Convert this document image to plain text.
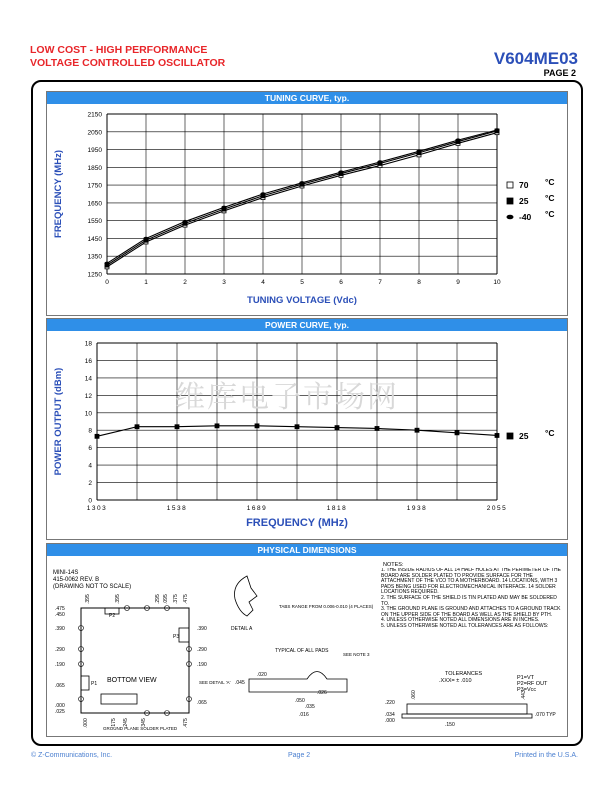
LOW COST - HIGH PERFORMANCE
VOLTAGE CONTROLLED OSCILLATOR	V604ME03
PAGE 2
TUNING CURVE, typ.
1250
1350
1450
1550
1650
1750
1850
1950
2050
2150
0	1	2	3	4	5	6	7	8	9	10
TUNING VOLTAGE (Vdc)
FREQUENCY (MHz)	70 °C
25 °C
-40 °C
POWER CURVE, typ.
0
2
4
6
8
10
12
14
16
18
1303	1538	1689	1818	1938	2055
FREQUENCY (MHz)
POWER OUTPUT (dBm)	25 °C
维库电子市场网
PHYSICAL DIMENSIONS
MINI-14S
415-0062 REV. B
(DRAWING NOT TO SCALE)
P2
P3
P1 BOTTOM VIEW
GROUND PLANE SOLDER PLATED
.475
.450
.390
.290
.190
.065
.000
.025
.395	.395	.295 .095 .375 .475
.390
.290
.190
.065
SEE DETAIL 'A'
.000	.175 .245 .345	.475
DETAIL A
TABS RANGE FROM 0.006-0.010 (4 PLACES)
TYPICAL OF ALL PADS
SEE NOTE 3
.045
.020
.026
.050
.035
.016
NOTES:
1. THE INSIDE RADIUS OF ALL 14 HALF HOLES AT THE PERIMETER OF THE BOARD ARE SOLDER PLATED TO PROVIDE SURFACE FOR THE ATTACHMENT OF THE VCO TO A MOTHERBOARD. 14 LOCATIONS, WITH 3 PADS BEING USED FOR ELECTROMECHANICAL INTERFACE. 14 SOLDER LOCATIONS REQUIRED.
2. THE SURFACE OF THE SHIELD IS TIN PLATED AND MAY BE SOLDERED TO.
3. THE GROUND PLANE IS GROUND AND ATTACHES TO A GROUND TRACK ON THE UPPER SIDE OF THE BOARD AS WELL AS THE SHIELD BY PTH.
4. UNLESS OTHERWISE NOTED ALL DIMENSIONS ARE IN INCHES.
5. UNLESS OTHERWISE NOTED ALL TOLERANCES ARE AS FOLLOWS:
TOLERANCES
.XXX= ± .010	P1=VT
P2=RF OUT
P3=Vcc
.220
.034
.000
.150
.070 TYP
.060	.443
© Z-Communications, Inc.	Page 2	Printed in the U.S.A.
